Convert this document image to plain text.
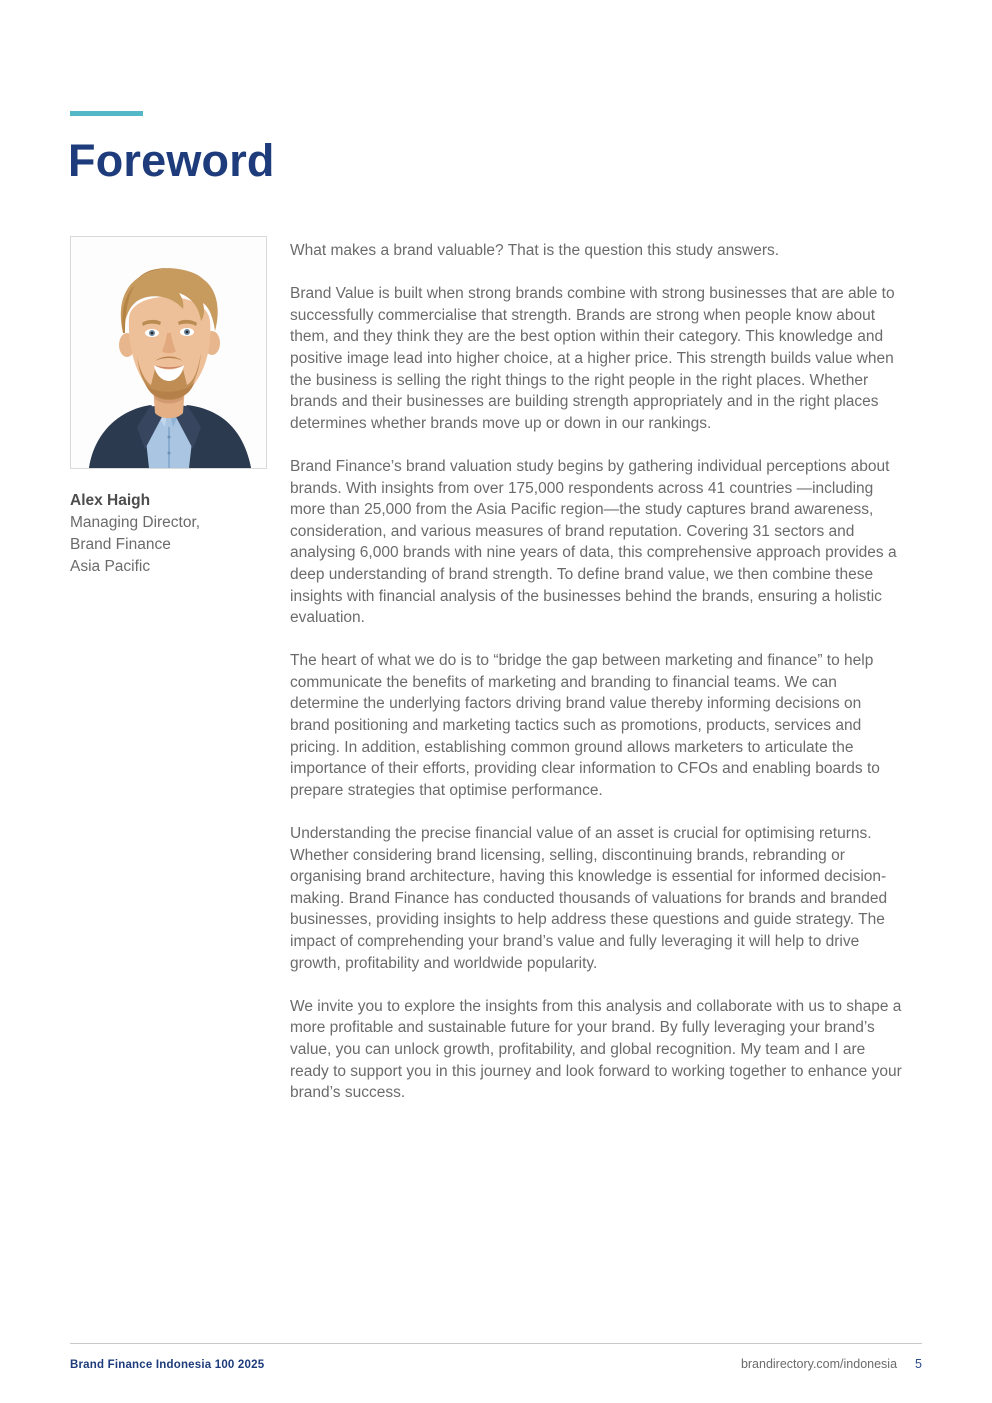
Foreword
Alex Haigh
Managing Director,
Brand Finance
Asia Pacific

What makes a brand valuable? That is the question this study answers.

Brand Value is built when strong brands combine with strong businesses that are able to successfully commercialise that strength. Brands are strong when people know about them, and they think they are the best option within their category. This knowledge and positive image lead into higher choice, at a higher price. This strength builds value when the business is selling the right things to the right people in the right places. Whether brands and their businesses are building strength appropriately and in the right places determines whether brands move up or down in our rankings.

Brand Finance’s brand valuation study begins by gathering individual perceptions about brands. With insights from over 175,000 respondents across 41 countries —including more than 25,000 from the Asia Pacific region—the study captures brand awareness, consideration, and various measures of brand reputation. Covering 31 sectors and analysing 6,000 brands with nine years of data, this comprehensive approach provides a deep understanding of brand strength. To define brand value, we then combine these insights with financial analysis of the businesses behind the brands, ensuring a holistic evaluation.

The heart of what we do is to “bridge the gap between marketing and finance” to help communicate the benefits of marketing and branding to financial teams. We can determine the underlying factors driving brand value thereby informing decisions on brand positioning and marketing tactics such as promotions, products, services and pricing. In addition, establishing common ground allows marketers to articulate the importance of their efforts, providing clear information to CFOs and enabling boards to prepare strategies that optimise performance.

Understanding the precise financial value of an asset is crucial for optimising returns. Whether considering brand licensing, selling, discontinuing brands, rebranding or organising brand architecture, having this knowledge is essential for informed decision-making. Brand Finance has conducted thousands of valuations for brands and branded businesses, providing insights to help address these questions and guide strategy. The impact of comprehending your brand’s value and fully leveraging it will help to drive growth, profitability and worldwide popularity.

We invite you to explore the insights from this analysis and collaborate with us to shape a more profitable and sustainable future for your brand. By fully leveraging your brand’s value, you can unlock growth, profitability, and global recognition. My team and I are ready to support you in this journey and look forward to working together to enhance your brand’s success.

Brand Finance Indonesia 100 2025	brandirectory.com/indonesia 5
